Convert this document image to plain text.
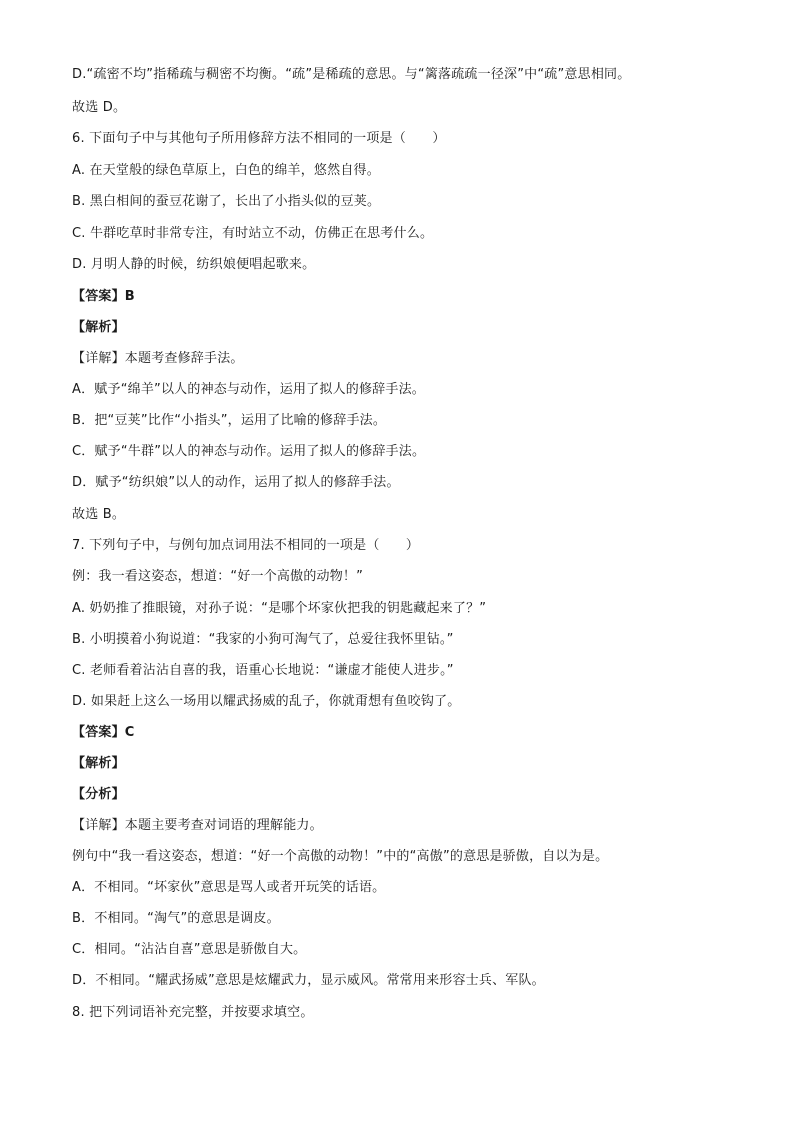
D.“疏密不均”指稀疏与稠密不均衡。“疏”是稀疏的意思。与“篱落疏疏一径深”中“疏”意思相同。
故选 D。
6. 下面句子中与其他句子所用修辞方法不相同的一项是（　　）
A. 在天堂般的绿色草原上，白色的绵羊，悠然自得。
B. 黑白相间的蚕豆花谢了，长出了小指头似的豆荚。
C. 牛群吃草时非常专注，有时站立不动，仿佛正在思考什么。
D. 月明人静的时候，纺织娘便唱起歌来。
【答案】B
【解析】
【详解】本题考查修辞手法。
A．赋予“绵羊”以人的神态与动作，运用了拟人的修辞手法。
B．把“豆荚”比作“小指头”，运用了比喻的修辞手法。
C．赋予“牛群”以人的神态与动作。运用了拟人的修辞手法。
D．赋予“纺织娘”以人的动作，运用了拟人的修辞手法。
故选 B。
7. 下列句子中，与例句加点词用法不相同的一项是（　　）
例：我一看这姿态，想道：“好一个高傲的动物！”
A. 奶奶推了推眼镜，对孙子说：“是哪个坏家伙把我的钥匙藏起来了？”
B. 小明摸着小狗说道：“我家的小狗可淘气了，总爱往我怀里钻。”
C. 老师看着沾沾自喜的我，语重心长地说：“谦虚才能使人进步。”
D. 如果赶上这么一场用以耀武扬威的乱子，你就甭想有鱼咬钩了。
【答案】C
【解析】
【分析】
【详解】本题主要考查对词语的理解能力。
例句中“我一看这姿态，想道：“好一个高傲的动物！”中的“高傲”的意思是骄傲，自以为是。
A．不相同。“坏家伙”意思是骂人或者开玩笑的话语。
B．不相同。“淘气”的意思是调皮。
C．相同。“沾沾自喜”意思是骄傲自大。
D．不相同。“耀武扬威”意思是炫耀武力，显示威风。常常用来形容士兵、军队。
8. 把下列词语补充完整，并按要求填空。
